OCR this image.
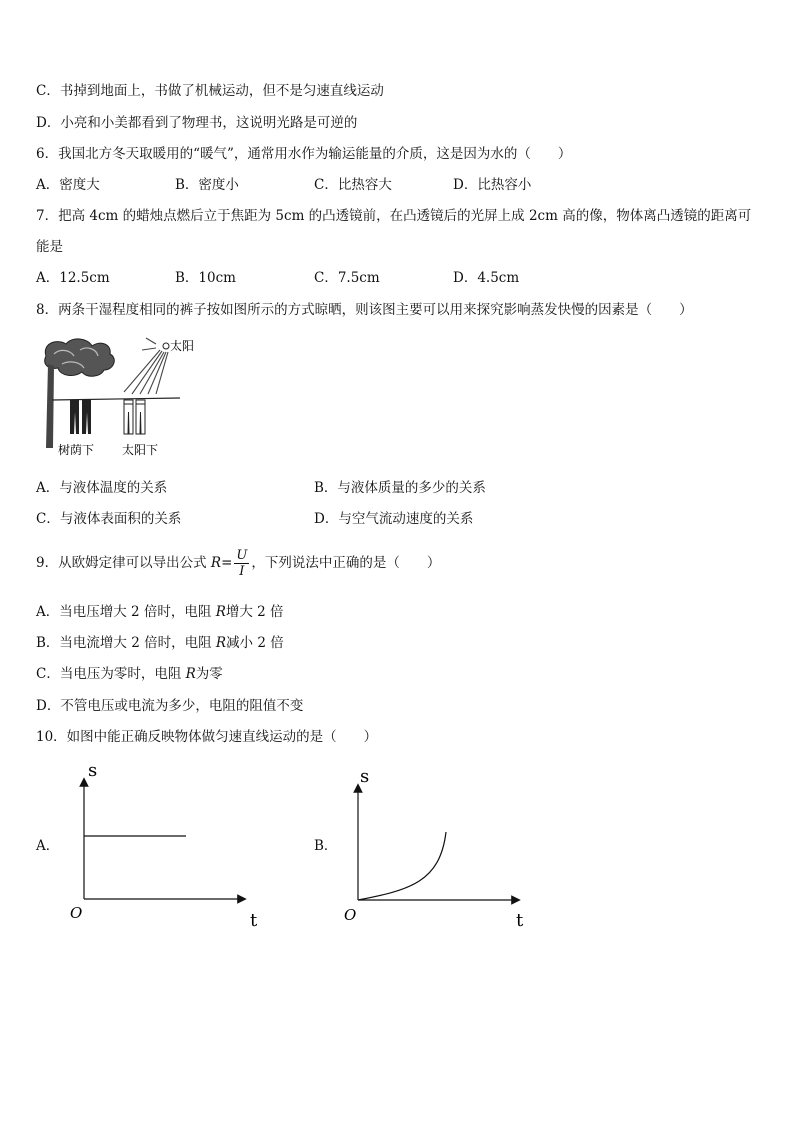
C．书掉到地面上，书做了机械运动，但不是匀速直线运动
D．小亮和小美都看到了物理书，这说明光路是可逆的
6．我国北方冬天取暖用的“暖气”，通常用水作为输运能量的介质，这是因为水的（　　）
A．密度大	B．密度小	C．比热容大	D．比热容小
7．把高 4cm 的蜡烛点燃后立于焦距为 5cm 的凸透镜前，在凸透镜后的光屏上成 2cm 高的像，物体离凸透镜的距离可
能是
A．12.5cm	B．10cm	C．7.5cm	D．4.5cm
8．两条干湿程度相同的裤子按如图所示的方式晾晒，则该图主要可以用来探究影响蒸发快慢的因素是（　　）
太阳
树荫下 太阳下
A．与液体温度的关系	B．与液体质量的多少的关系
C．与液体表面积的关系	D．与空气流动速度的关系
9．从欧姆定律可以导出公式 $R= \frac{U}{I}$ ，下列说法中正确的是（　　）
A．当电压增大 2 倍时，电阻 R增大 2 倍
B．当电流增大 2 倍时，电阻 R减小 2 倍
C．当电压为零时，电阻 R为零
D．不管电压或电流为多少，电阻的阻值不变
10．如图中能正确反映物体做匀速直线运动的是（　　）
A．
s
t
O
B．
s
t
O
